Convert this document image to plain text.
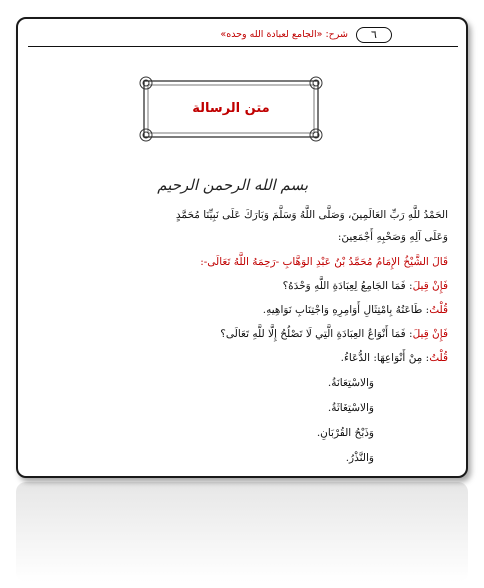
٦
شرح: «الجامع لعبادة الله وحده»
متن الرسالة
بسم الله الرحمن الرحيم
الحَمْدُ للَّهِ رَبِّ العَالَمِينَ، وَصَلَّى اللَّهُ وَسَلَّمَ وَبَارَكَ عَلَى نَبِيِّنَا مُحَمَّدٍ
وَعَلَى آلِهِ وَصَحْبِهِ أَجْمَعِينَ:
قَالَ الشَّيْخُ الإِمَامُ مُحَمَّدُ بْنُ عَبْدِ الوَهَّابِ -رَحِمَهُ اللَّهُ تَعَالَى-:
فَإِنْ قِيلَ: فَمَا الجَامِعُ لِعِبَادَةِ اللَّهِ وَحْدَهُ؟
قُلْتُ: طَاعَتُهُ بِامْتِثَالِ أَوَامِرِهِ وَاجْتِنَابِ نَوَاهِيهِ.
فَإِنْ قِيلَ: فَمَا أَنْوَاعُ العِبَادَةِ الَّتِي لَا تَصْلُحُ إِلَّا للَّهِ تَعَالَى؟
قُلْتُ: مِنْ أَنْوَاعِهَا: الدُّعَاءُ.
وَالاسْتِعَانَةُ.
وَالاسْتِغَاثَةُ.
وَذَبْحُ القُرْبَانِ.
وَالنَّذْرُ.
